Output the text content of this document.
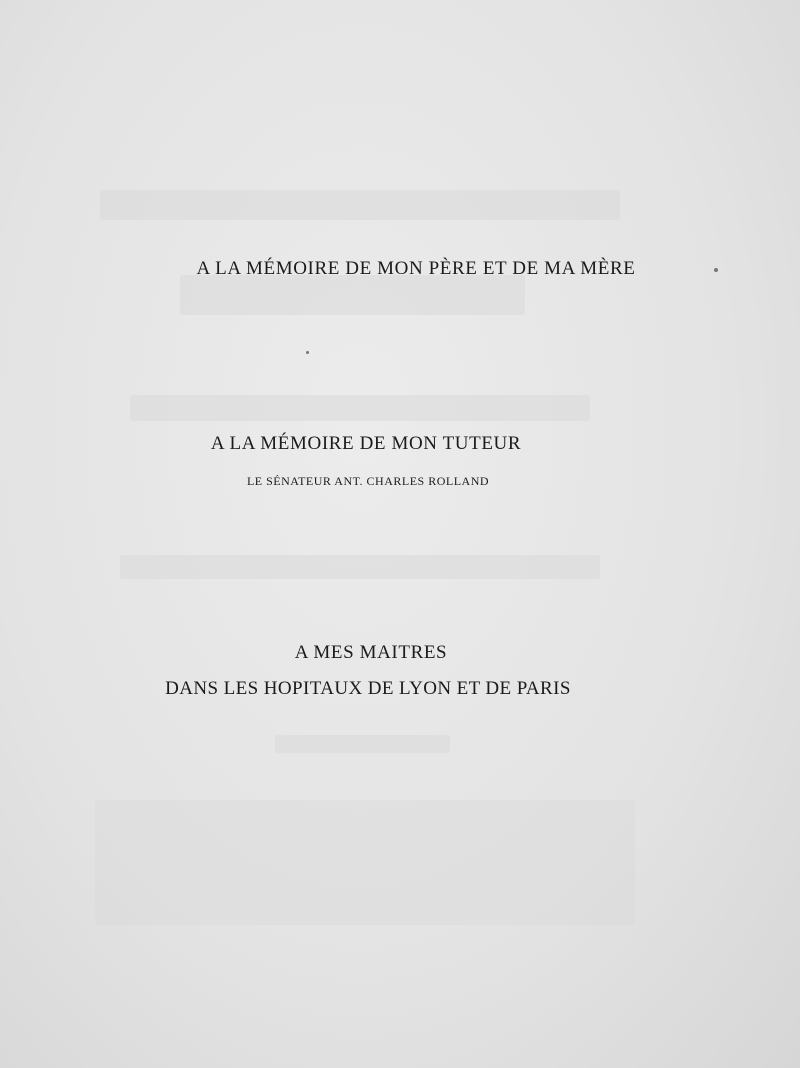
A LA MÉMOIRE DE MON PÈRE ET DE MA MÈRE
A LA MÉMOIRE DE MON TUTEUR
LE SÉNATEUR ANT. CHARLES ROLLAND
A MES MAITRES
DANS LES HOPITAUX DE LYON ET DE PARIS
